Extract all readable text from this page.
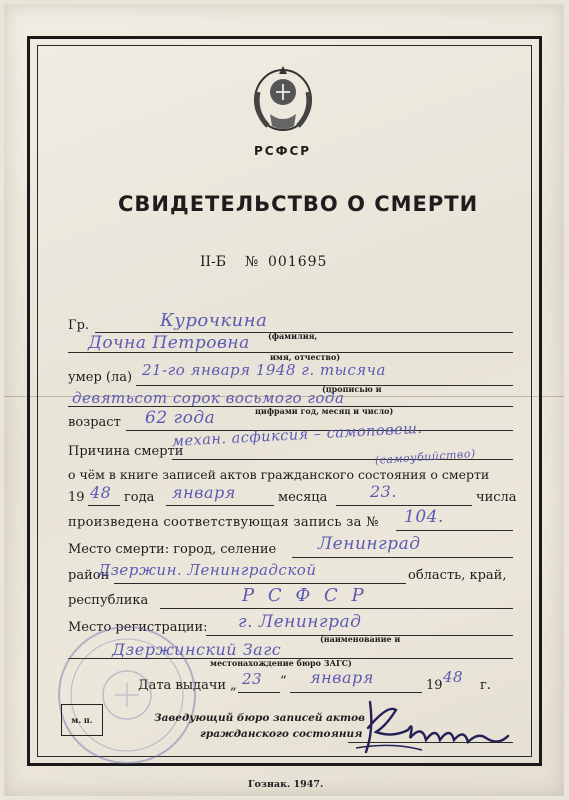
РСФСР
СВИДЕТЕЛЬСТВО О СМЕРТИ
II-Б № 001695
Гр.	Курочкина
(фамилия,
Дочна Петровна
имя, отчество)
умер (ла) 21-го января 1948 г. тысяча
(прописью и
девятьсот сорок восьмого года
цифрами год, месяц и число)
возраст 62 года
Причина смерти
механ. асфиксия – самоповеш.
(самоубийство)
о чём в книге записей актов гражданского состояния о смерти
19 48 года января	месяца	23.	числа
произведена соответствующая запись за № 104.
Место смерти: город, селение Ленинград
район
Дзержин. Ленинградской	область, край,
республика	Р С Ф С Р
Место регистрации: г. Ленинград
(наименование и
Дзержинский Загс
местонахождение бюро ЗАГС)
Дата выдачи „ 23 “ января	19 48 г.
м. п.	Заведующий бюро записей актов
гражданского состояния
Гознак. 1947.
